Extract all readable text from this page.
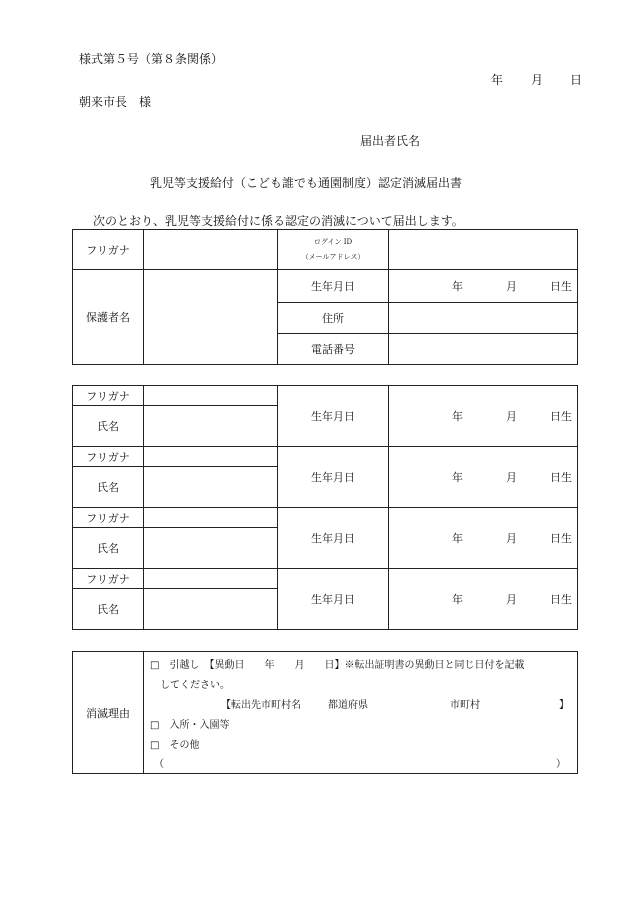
様式第５号（第８条関係）
年 月 日
朝来市長　様
届出者氏名
乳児等支援給付（こども誰でも通園制度）認定消滅届出書
次のとおり、乳児等支援給付に係る認定の消滅について届出します。
フリガナ		ログイン ID
（メールアドレス）	

保護者名		生年月日	年 月 日生

		住所	
		電話番号	
フリガナ		生年月日	年 月 日生

氏名			
フリガナ		生年月日	年 月 日生

氏名			
フリガナ		生年月日	年 月 日生

氏名			
フリガナ		生年月日	年 月 日生

氏名			
消滅理由	
□　引越し　【異動日　　年　　月　　日】※転出証明書の異動日と同じ日付を記載
してください。
【転出先市町村名	都道府県	市町村	】
□　入所・入園等
□　その他
（	）
